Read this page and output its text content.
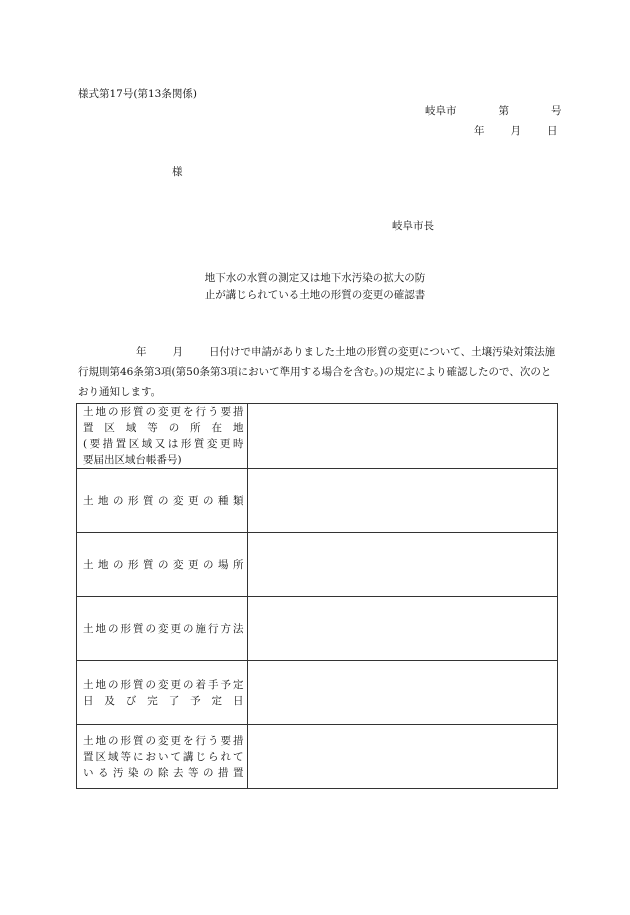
様式第17号(第13条関係)
岐阜市	第	号
年 月 日
様
岐阜市長
地下水の水質の測定又は地下水汚染の拡大の防
止が講じられている土地の形質の変更の確認書
年 月 日付けで申請がありました土地の形質の変更について、土壌汚染対策法施行規則第46条第3項(第50条第3項において準用する場合を含む。)の規定により確認したので、次のとおり通知します。
土地の形質の変更を行う要措
置区域等の所在地
(要措置区域又は形質変更時
要届出区域台帳番号)	

土地の形質の変更の種類	

土地の形質の変更の場所	

土地の形質の変更の施行方法	

土地の形質の変更の着手予定
日及び完了予定日	

土地の形質の変更を行う要措
置区域等において講じられて
いる汚染の除去等の措置	
